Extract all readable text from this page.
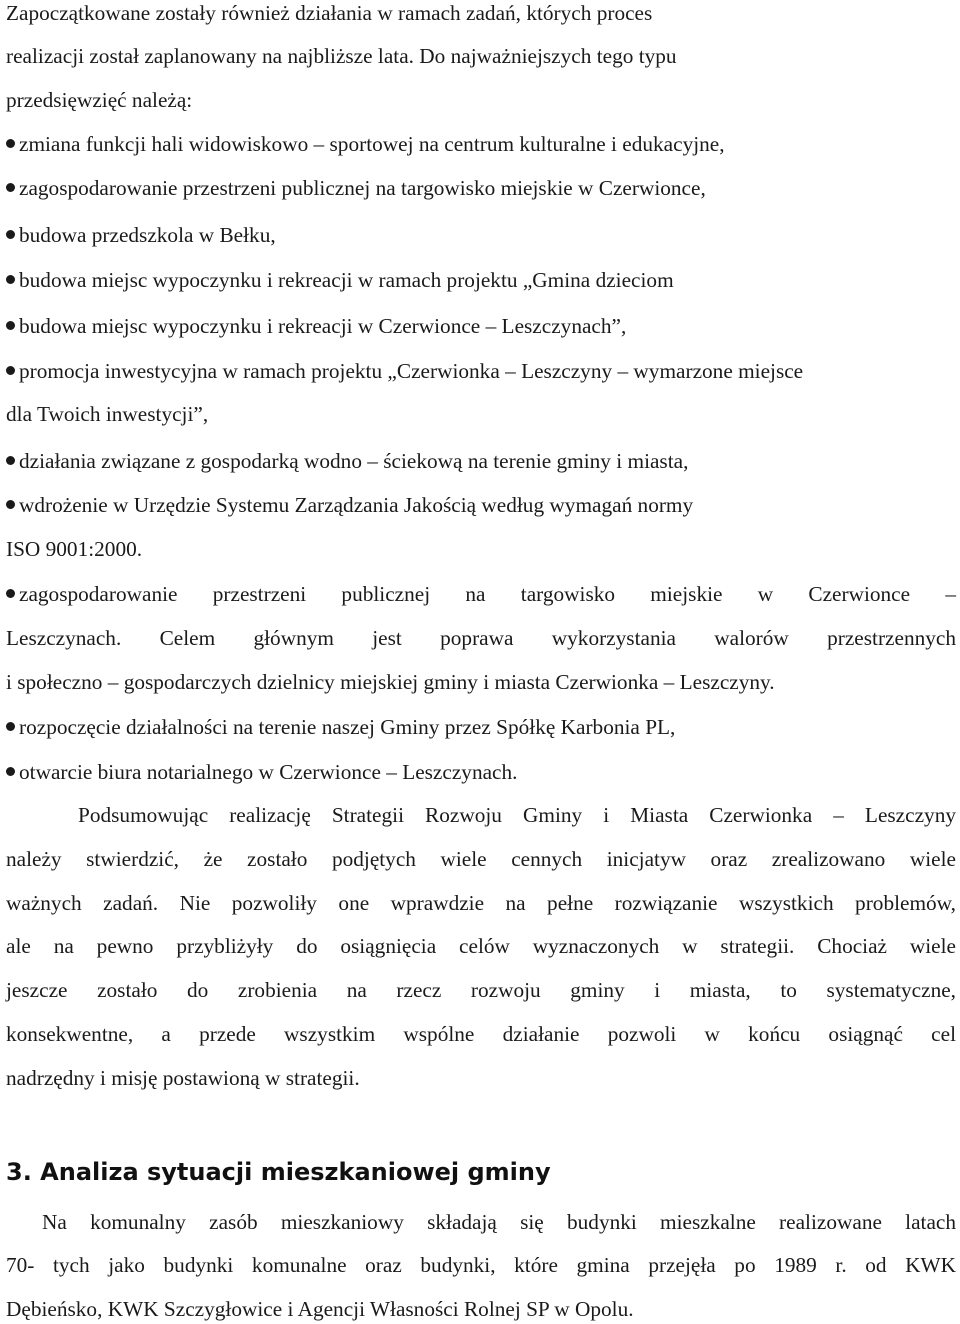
Zapoczątkowane zostały również działania w ramach zadań, których proces
realizacji został zaplanowany na najbliższe lata. Do najważniejszych tego typu
przedsięwzięć należą:
zmiana funkcji hali widowiskowo – sportowej na centrum kulturalne i edukacyjne,
zagospodarowanie przestrzeni publicznej na targowisko miejskie w Czerwionce,
budowa przedszkola w Bełku,
budowa miejsc wypoczynku i rekreacji w ramach projektu „Gmina dzieciom
budowa miejsc wypoczynku i rekreacji w Czerwionce – Leszczynach”,
promocja inwestycyjna w ramach projektu „Czerwionka – Leszczyny – wymarzone miejsce
dla Twoich inwestycji”,
działania związane z gospodarką wodno – ściekową na terenie gminy i miasta,
wdrożenie w Urzędzie Systemu Zarządzania Jakością według wymagań normy
ISO 9001:2000.
zagospodarowanie przestrzeni publicznej na targowisko miejskie w Czerwionce –
Leszczynach. Celem głównym jest poprawa wykorzystania walorów przestrzennych
i społeczno – gospodarczych dzielnicy miejskiej gminy i miasta Czerwionka – Leszczyny.
rozpoczęcie działalności na terenie naszej Gminy przez Spółkę Karbonia PL,
otwarcie biura notarialnego w Czerwionce – Leszczynach.
Podsumowując realizację Strategii Rozwoju Gminy i Miasta Czerwionka – Leszczyny
należy stwierdzić, że zostało podjętych wiele cennych inicjatyw oraz zrealizowano wiele
ważnych zadań. Nie pozwoliły one wprawdzie na pełne rozwiązanie wszystkich problemów,
ale na pewno przybliżyły do osiągnięcia celów wyznaczonych w strategii. Chociaż wiele
jeszcze zostało do zrobienia na rzecz rozwoju gminy i miasta, to systematyczne,
konsekwentne, a przede wszystkim wspólne działanie pozwoli w końcu osiągnąć cel
nadrzędny i misję postawioną w strategii.
3. Analiza sytuacji mieszkaniowej gminy
Na komunalny zasób mieszkaniowy składają się budynki mieszkalne realizowane latach
70- tych jako budynki komunalne oraz budynki, które gmina przejęła po 1989 r. od KWK
Dębieńsko, KWK Szczygłowice i Agencji Własności Rolnej SP w Opolu.
